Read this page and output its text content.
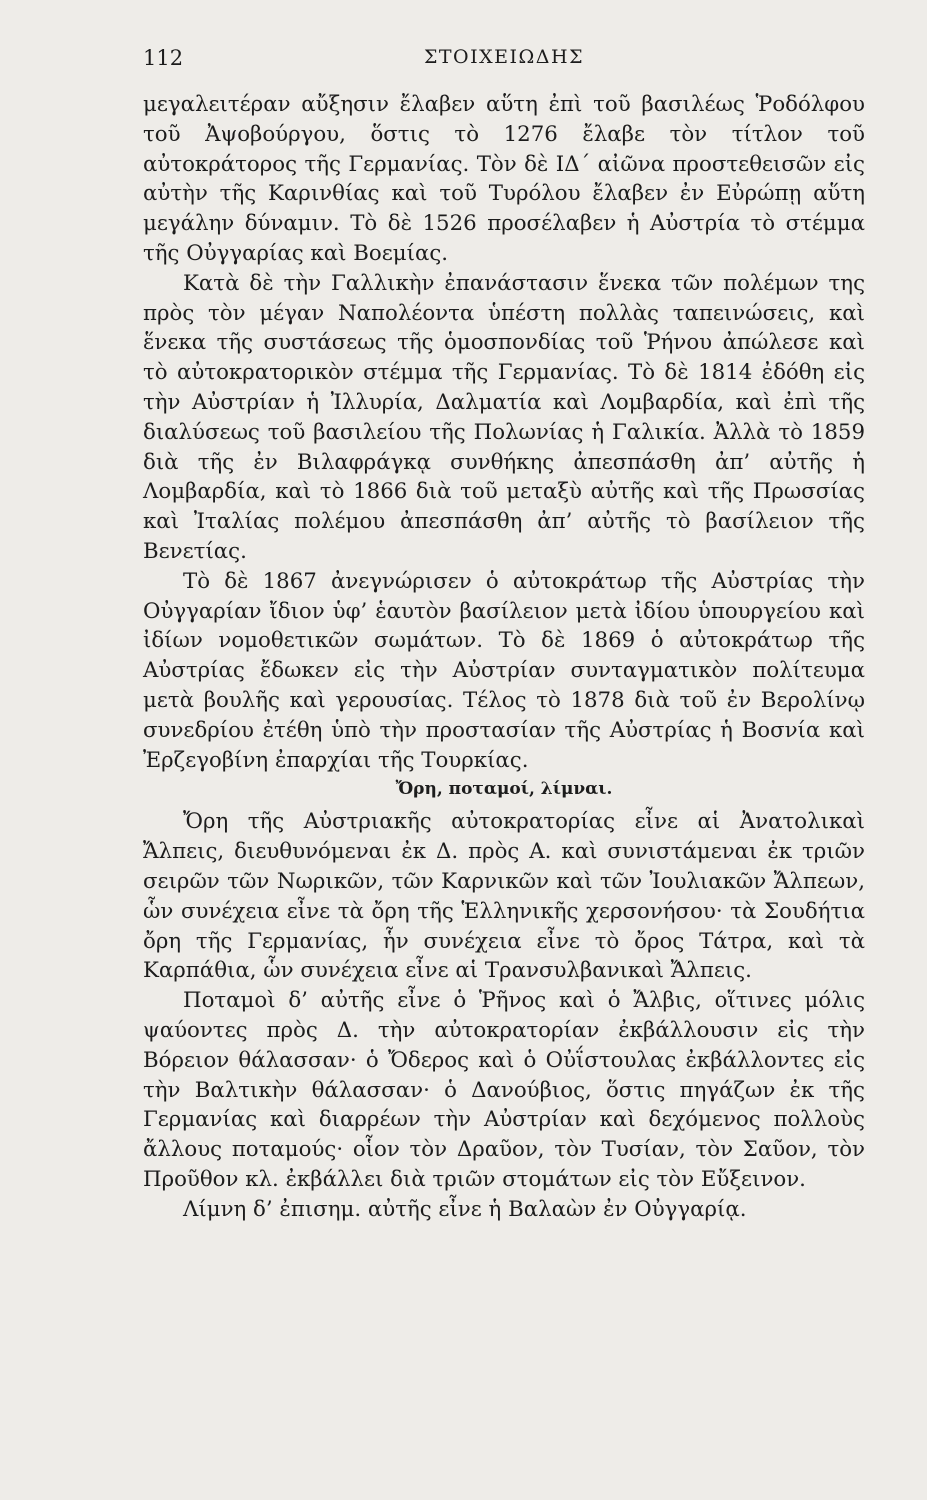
112	ΣΤΟΙΧΕΙΩΔΗΣ

μεγαλειτέραν αὔξησιν ἔλαβεν αὕτη ἐπὶ τοῦ βασιλέως Ῥοδόλφου τοῦ Ἀψοβούργου, ὅστις τὸ 1276 ἔλαβε τὸν τίτλον τοῦ αὐτοκράτορος τῆς Γερμανίας. Τὸν δὲ ΙΔ΄ αἰῶνα προστεθεισῶν εἰς αὐτὴν τῆς Καρινθίας καὶ τοῦ Τυρόλου ἔλαβεν ἐν Εὐρώπῃ αὕτη μεγάλην δύναμιν. Τὸ δὲ 1526 προσέλαβεν ἡ Αὐστρία τὸ στέμμα τῆς Οὐγγαρίας καὶ Βοεμίας.

Κατὰ δὲ τὴν Γαλλικὴν ἐπανάστασιν ἕνεκα τῶν πολέμων της πρὸς τὸν μέγαν Ναπολέοντα ὑπέστη πολλὰς ταπεινώσεις, καὶ ἕνεκα τῆς συστάσεως τῆς ὁμοσπονδίας τοῦ Ῥήνου ἀπώλεσε καὶ τὸ αὐτοκρατορικὸν στέμμα τῆς Γερμανίας. Τὸ δὲ 1814 ἐδόθη εἰς τὴν Αὐστρίαν ἡ Ἰλλυρία, Δαλματία καὶ Λομβαρδία, καὶ ἐπὶ τῆς διαλύσεως τοῦ βασιλείου τῆς Πολωνίας ἡ Γαλικία. Ἀλλὰ τὸ 1859 διὰ τῆς ἐν Βιλαφράγκᾳ συνθήκης ἀπεσπάσθη ἀπ’ αὐτῆς ἡ Λομβαρδία, καὶ τὸ 1866 διὰ τοῦ μεταξὺ αὐτῆς καὶ τῆς Πρωσσίας καὶ Ἰταλίας πολέμου ἀπεσπάσθη ἀπ’ αὐτῆς τὸ βασίλειον τῆς Βενετίας.

Τὸ δὲ 1867 ἀνεγνώρισεν ὁ αὐτοκράτωρ τῆς Αὐστρίας τὴν Οὐγγαρίαν ἴδιον ὑφ’ ἑαυτὸν βασίλειον μετὰ ἰδίου ὑπουργείου καὶ ἰδίων νομοθετικῶν σωμάτων. Τὸ δὲ 1869 ὁ αὐτοκράτωρ τῆς Αὐστρίας ἔδωκεν εἰς τὴν Αὐστρίαν συνταγματικὸν πολίτευμα μετὰ βουλῆς καὶ γερουσίας. Τέλος τὸ 1878 διὰ τοῦ ἐν Βερολίνῳ συνεδρίου ἐτέθη ὑπὸ τὴν προστασίαν τῆς Αὐστρίας ἡ Βοσνία καὶ Ἐρζεγοβίνη ἐπαρχίαι τῆς Τουρκίας.

Ὄρη, ποταμοί, λίμναι.

Ὄρη τῆς Αὐστριακῆς αὐτοκρατορίας εἶνε αἱ Ἀνατολικαὶ Ἄλπεις, διευθυνόμεναι ἐκ Δ. πρὸς Α. καὶ συνιστάμεναι ἐκ τριῶν σειρῶν τῶν Νωρικῶν, τῶν Καρνικῶν καὶ τῶν Ἰουλιακῶν Ἄλπεων, ὧν συνέχεια εἶνε τὰ ὄρη τῆς Ἑλληνικῆς χερσονήσου· τὰ Σουδήτια ὄρη τῆς Γερμανίας, ἧν συνέχεια εἶνε τὸ ὄρος Τάτρα, καὶ τὰ Καρπάθια, ὧν συνέχεια εἶνε αἱ Τρανσυλβανικαὶ Ἄλπεις.

Ποταμοὶ δ’ αὐτῆς εἶνε ὁ Ῥῆνος καὶ ὁ Ἄλβις, οἵτινες μόλις ψαύοντες πρὸς Δ. τὴν αὐτοκρατορίαν ἐκβάλλουσιν εἰς τὴν Βόρειον θάλασσαν· ὁ Ὄδερος καὶ ὁ Οὐΐστουλας ἐκβάλλοντες εἰς τὴν Βαλτικὴν θάλασσαν· ὁ Δανούβιος, ὅστις πηγάζων ἐκ τῆς Γερμανίας καὶ διαρρέων τὴν Αὐστρίαν καὶ δεχόμενος πολλοὺς ἄλλους ποταμούς· οἷον τὸν Δραῦον, τὸν Τυσίαν, τὸν Σαῦον, τὸν Προῦθον κλ. ἐκβάλλει διὰ τριῶν στομάτων εἰς τὸν Εὔξεινον.

Λίμνη δ’ ἐπισημ. αὐτῆς εἶνε ἡ Βαλαὼν ἐν Οὐγγαρίᾳ.
